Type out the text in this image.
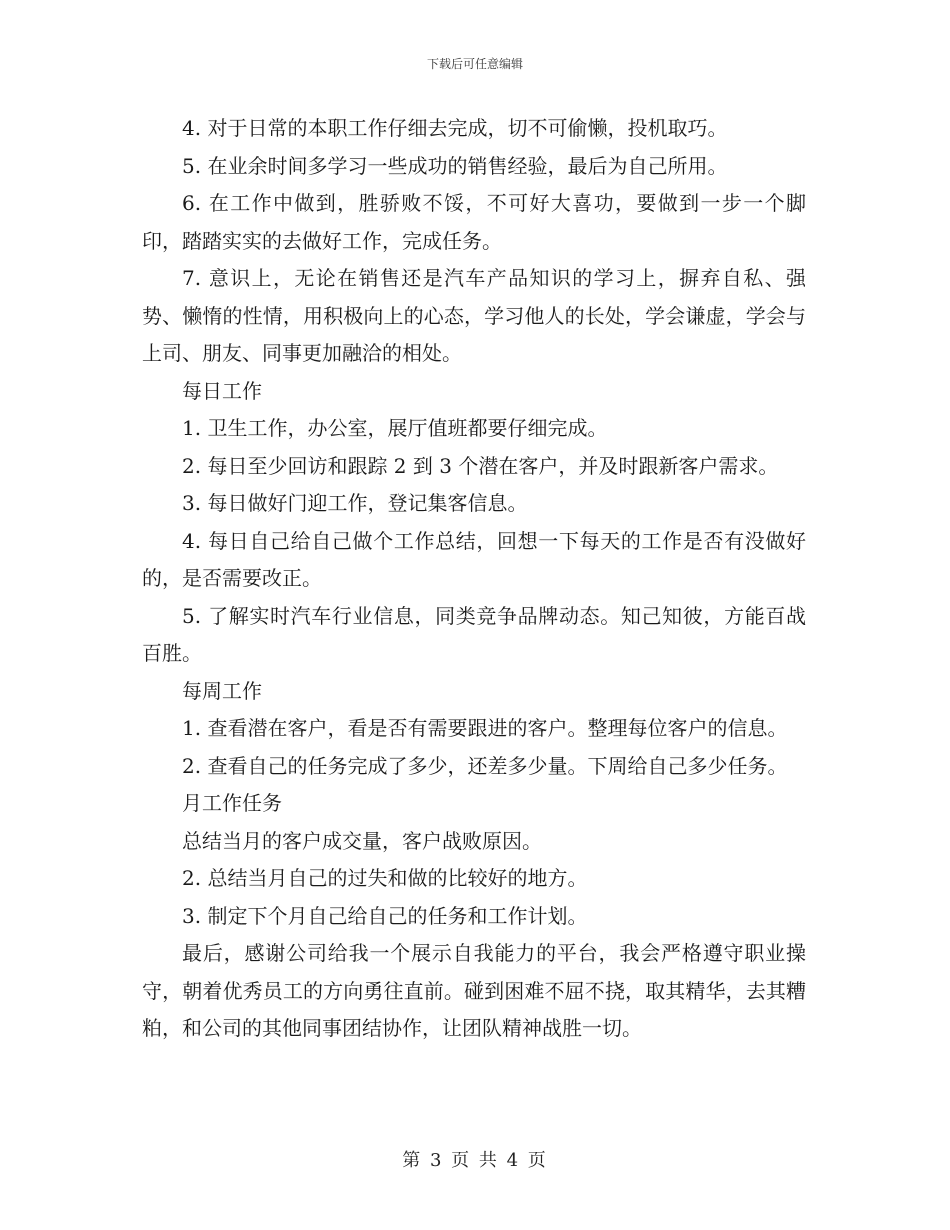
下载后可任意编辑

4. 对于日常的本职工作仔细去完成，切不可偷懒，投机取巧。

5. 在业余时间多学习一些成功的销售经验，最后为自己所用。

6. 在工作中做到，胜骄败不馁，不可好大喜功，要做到一步一个脚印，踏踏实实的去做好工作，完成任务。

7. 意识上，无论在销售还是汽车产品知识的学习上，摒弃自私、强势、懒惰的性情，用积极向上的心态，学习他人的长处，学会谦虚，学会与上司、朋友、同事更加融洽的相处。

每日工作

1. 卫生工作，办公室，展厅值班都要仔细完成。

2. 每日至少回访和跟踪 2 到 3 个潜在客户，并及时跟新客户需求。

3. 每日做好门迎工作，登记集客信息。

4. 每日自己给自己做个工作总结，回想一下每天的工作是否有没做好的，是否需要改正。

5. 了解实时汽车行业信息，同类竞争品牌动态。知己知彼，方能百战百胜。

每周工作

1. 查看潜在客户，看是否有需要跟进的客户。整理每位客户的信息。

2. 查看自己的任务完成了多少，还差多少量。下周给自己多少任务。

月工作任务

总结当月的客户成交量，客户战败原因。

2. 总结当月自己的过失和做的比较好的地方。

3. 制定下个月自己给自己的任务和工作计划。

最后，感谢公司给我一个展示自我能力的平台，我会严格遵守职业操守，朝着优秀员工的方向勇往直前。碰到困难不屈不挠，取其精华，去其糟粕，和公司的其他同事团结协作，让团队精神战胜一切。

第 3 页 共 4 页
